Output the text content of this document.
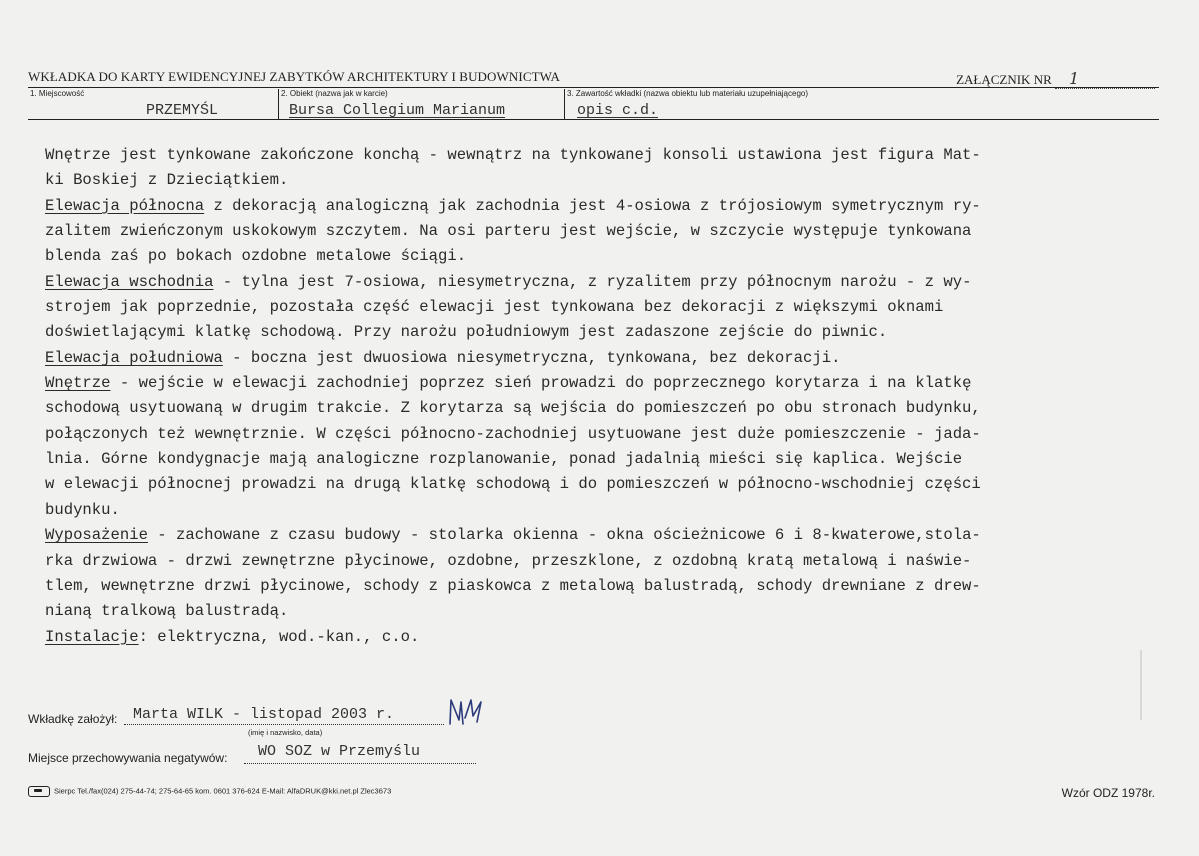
WKŁADKA DO KARTY EWIDENCYJNEJ ZABYTKÓW ARCHITEKTURY I BUDOWNICTWA	ZAŁĄCZNIK NR 1
1. Miejscowość
PRZEMYŚL
2. Obiekt (nazwa jak w karcie)
Bursa Collegium Marianum
3. Zawartość wkładki (nazwa obiektu lub materiału uzupełniającego)
opis c.d.
Wnętrze jest tynkowane zakończone konchą - wewnątrz na tynkowanej konsoli ustawiona jest figura Mat-
ki Boskiej z Dzieciątkiem.
Elewacja północna z dekoracją analogiczną jak zachodnia jest 4-osiowa z trójosiowym symetrycznym ry-
zalitem zwieńczonym uskokowym szczytem. Na osi parteru jest wejście, w szczycie występuje tynkowana
blenda zaś po bokach ozdobne metalowe ściągi.
Elewacja wschodnia - tylna jest 7-osiowa, niesymetryczna, z ryzalitem przy północnym narożu - z wy-
strojem jak poprzednie, pozostała część elewacji jest tynkowana bez dekoracji z większymi oknami
doświetlającymi klatkę schodową. Przy narożu południowym jest zadaszone zejście do piwnic.
Elewacja południowa - boczna jest dwuosiowa niesymetryczna, tynkowana, bez dekoracji.
Wnętrze - wejście w elewacji zachodniej poprzez sień prowadzi do poprzecznego korytarza i na klatkę
schodową usytuowaną w drugim trakcie. Z korytarza są wejścia do pomieszczeń po obu stronach budynku,
połączonych też wewnętrznie. W części północno-zachodniej usytuowane jest duże pomieszczenie - jada-
lnia. Górne kondygnacje mają analogiczne rozplanowanie, ponad jadalnią mieści się kaplica. Wejście
w elewacji północnej prowadzi na drugą klatkę schodową i do pomieszczeń w północno-wschodniej części
budynku.
Wyposażenie - zachowane z czasu budowy - stolarka okienna - okna ościeżnicowe 6 i 8-kwaterowe,stola-
rka drzwiowa - drzwi zewnętrzne płycinowe, ozdobne, przeszklone, z ozdobną kratą metalową i naświe-
tlem, wewnętrzne drzwi płycinowe, schody z piaskowca z metalową balustradą, schody drewniane z drew-
nianą tralkową balustradą.
Instalacje: elektryczna, wod.-kan., c.o.
Wkładkę założył: Marta WILK - listopad 2003 r.
(imię i nazwisko, data)
Miejsce przechowywania negatywów: WO SOZ w Przemyślu
Sierpc Tel./fax(024) 275-44-74; 275-64-65 kom. 0601 376-624 E-Mail: AlfaDRUK@kki.net.pl Zlec3673	Wzór ODZ 1978r.
